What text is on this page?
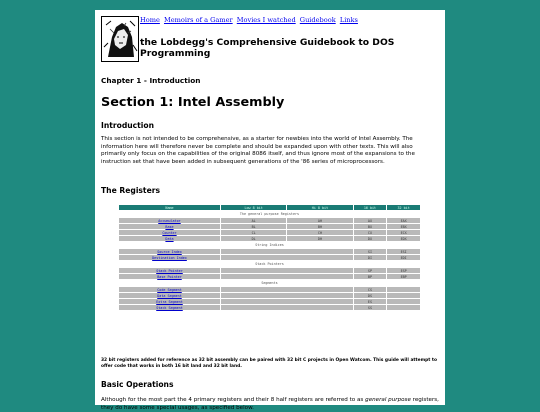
Home Memoirs of a Gamer Movies I watched Guidebook Links
the Lobdegg's Comprehensive Guidebook to DOS Programming
Chapter 1 - Introduction
Section 1: Intel Assembly
Introduction
This section is not intended to be comprehensive, as a starter for newbies into the world of Intel Assembly. The information here will therefore never be complete and should be expanded upon with other texts. This will also primarily only focus on the capabilities of the original 8086 itself, and thus ignore most of the expansions to the instruction set that have been added in subsequent generations of the '86 series of microprocessors.
The Registers
Name	Low 8 bit	Hi 8 bit	16 bit	32 bit
The general purpose Registers				
Accumulator	AL	AH	AX	EAX
Base	BL	BH	BX	EBX
Counter	CL	CH	CX	ECX
Data	DL	DH	DX	EDX
String Indices				
Source Index			SI	ESI
Destination Index			DI	EDI
Stack Pointers				
Stack Pointer			SP	ESP
Base Pointer			BP	EBP
Segments				
Code Segment			CS	
Data Segment			DS	
Extra Segment			ES	
Stack Segment			SS	
32 bit registers added for reference as 32 bit assembly can be paired with 32 bit C projects in Open Watcom. This guide will attempt to offer code that works in both 16 bit land and 32 bit land.
Basic Operations
Although for the most part the 4 primary registers and their 8 half registers are referred to as general purpose registers, they do have some special usages, as specified below.
